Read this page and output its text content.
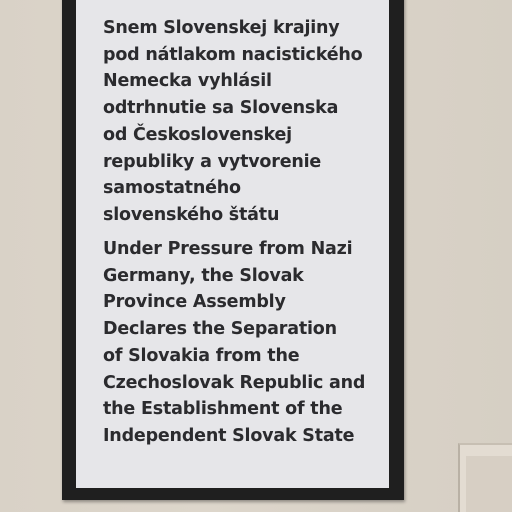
Snem Slovenskej krajiny
pod nátlakom nacistického
Nemecka vyhlásil
odtrhnutie sa Slovenska
od Československej
republiky a vytvorenie
samostatného
slovenského štátu
Under Pressure from Nazi
Germany, the Slovak
Province Assembly
Declares the Separation
of Slovakia from the
Czechoslovak Republic and
the Establishment of the
Independent Slovak State
